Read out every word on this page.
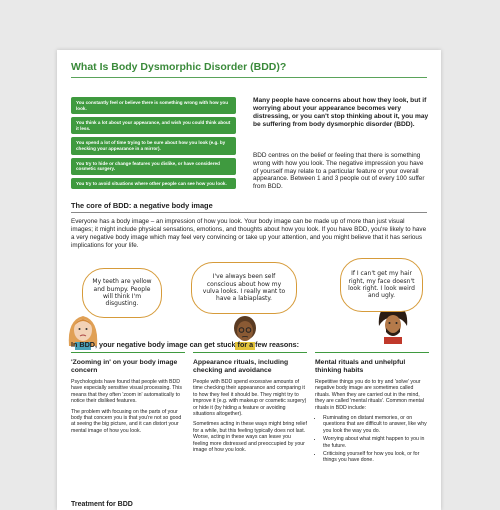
What Is Body Dysmorphic Disorder (BDD)?
You constantly feel or believe there is something wrong with how you look.
You think a lot about your appearance, and wish you could think about it less.
You spend a lot of time trying to be sure about how you look (e.g. by checking your appearance in a mirror).
You try to hide or change features you dislike, or have considered cosmetic surgery.
You try to avoid situations where other people can see how you look.
Many people have concerns about how they look, but if worrying about your appearance becomes very distressing, or you can't stop thinking about it, you may be suffering from body dysmorphic disorder (BDD).
BDD centres on the belief or feeling that there is something wrong with how you look. The negative impression you have of yourself may relate to a particular feature or your overall appearance. Between 1 and 3 people out of every 100 suffer from BDD.
The core of BDD: a negative body image
Everyone has a body image – an impression of how you look. Your body image can be made up of more than just visual images; it might include physical sensations, emotions, and thoughts about how you look. If you have BDD, you're likely to have a very negative body image which may feel very convincing or take up your attention, and you might believe that it has serious implications for your life.
My teeth are yellow and bumpy. People will think I'm disgusting.
I've always been self conscious about how my vulva looks. I really want to have a labiaplasty.
If I can't get my hair right, my face doesn't look right. I look weird and ugly.
In BDD, your negative body image can get stuck for a few reasons:
'Zooming in' on your body image concern

Psychologists have found that people with BDD have especially sensitive visual processing. This means that they often 'zoom in' automatically to notice their disliked features.

The problem with focusing on the parts of your body that concern you is that you're not so good at seeing the big picture, and it can distort your mental image of how you look.

Appearance rituals, including checking and avoidance

People with BDD spend excessive amounts of time checking their appearance and comparing it to how they feel it should be. They might try to improve it (e.g. with makeup or cosmetic surgery) or hide it (by hiding a feature or avoiding situations altogether).

Sometimes acting in these ways might bring relief for a while, but this feeling typically does not last. Worse, acting in these ways can leave you feeling more distressed and preoccupied by your image of how you look.

Mental rituals and unhelpful thinking habits

Repetitive things you do to try and 'solve' your negative body image are sometimes called rituals. When they are carried out in the mind, they are called 'mental rituals'. Common mental rituals in BDD include:

• Ruminating on distant memories, or on questions that are difficult to answer, like why you look the way you do.
• Worrying about what might happen to you in the future.
• Criticising yourself for how you look, or for things you have done.
Treatment for BDD
